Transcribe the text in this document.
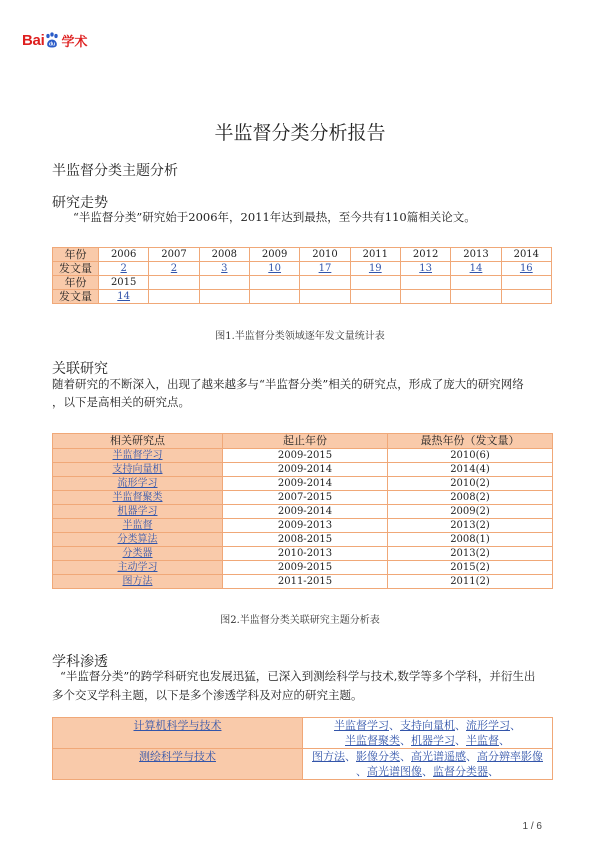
Bai du 学术
半监督分类分析报告
半监督分类主题分析
研究走势
“半监督分类”研究始于2006年，2011年达到最热，至今共有110篇相关论文。
年份	2006	2007	2008	2009	2010	2011	2012	2013	2014
发文量	2	2	3	10	17	19	13	14	16
年份	2015								
发文量	14								
图1.半监督分类领域逐年发文量统计表
关联研究
随着研究的不断深入，出现了越来越多与“半监督分类”相关的研究点，形成了庞大的研究网络
，以下是高相关的研究点。
相关研究点	起止年份	最热年份（发文量）
半监督学习	2009-2015	2010(6)
支持向量机	2009-2014	2014(4)
流形学习	2009-2014	2010(2)
半监督聚类	2007-2015	2008(2)
机器学习	2009-2014	2009(2)
半监督	2009-2013	2013(2)
分类算法	2008-2015	2008(1)
分类器	2010-2013	2013(2)
主动学习	2009-2015	2015(2)
图方法	2011-2015	2011(2)
图2.半监督分类关联研究主题分析表
学科渗透
“半监督分类”的跨学科研究也发展迅猛，已深入到测绘科学与技术,数学等多个学科，并衍生出
多个交叉学科主题，以下是多个渗透学科及对应的研究主题。
计算机科学与技术	半监督学习、支持向量机、流形学习、
半监督聚类、机器学习、半监督、

测绘科学与技术	图方法、影像分类、高光谱遥感、高分辨率影像
、高光谱图像、监督分类器、
1 / 6
